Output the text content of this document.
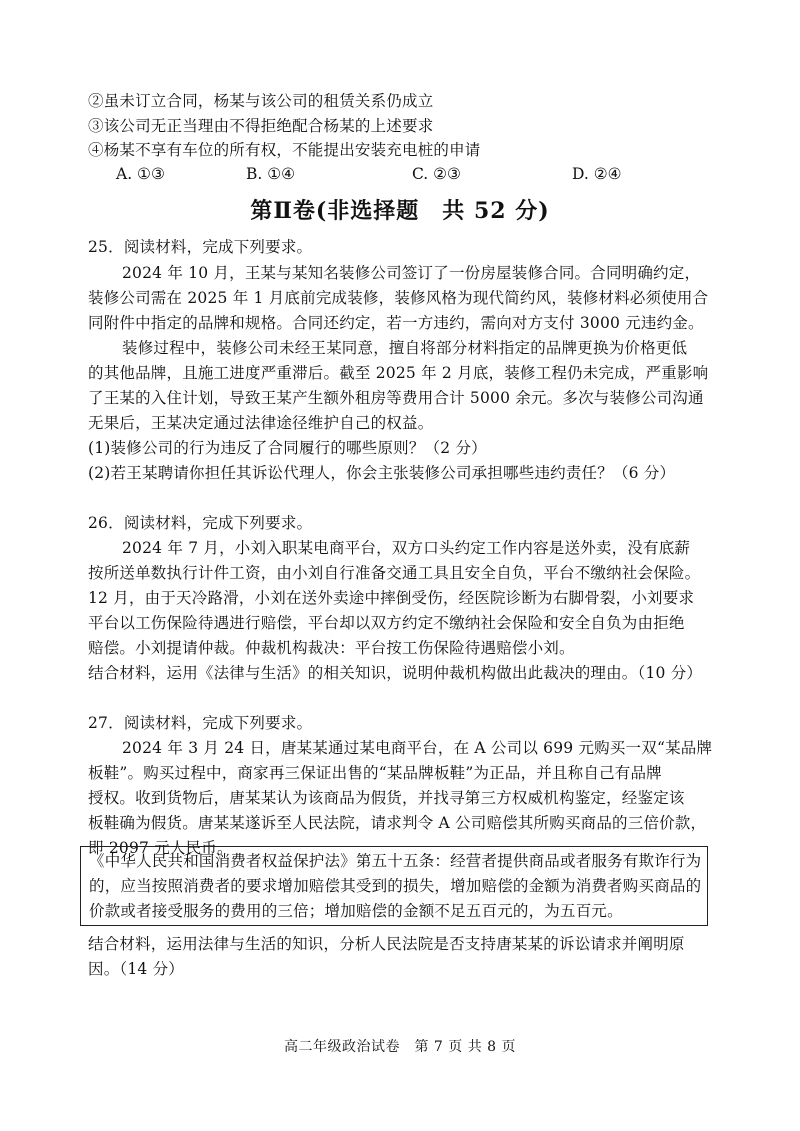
②虽未订立合同，杨某与该公司的租赁关系仍成立
③该公司无正当理由不得拒绝配合杨某的上述要求
④杨某不享有车位的所有权，不能提出安装充电桩的申请
A. ①③	B. ①④	C. ②③	D. ②④
第Ⅱ卷(非选择题　共 52 分)
25．阅读材料，完成下列要求。
2024 年 10 月，王某与某知名装修公司签订了一份房屋装修合同。合同明确约定，
装修公司需在 2025 年 1 月底前完成装修，装修风格为现代简约风，装修材料必须使用合
同附件中指定的品牌和规格。合同还约定，若一方违约，需向对方支付 3000 元违约金。
装修过程中，装修公司未经王某同意，擅自将部分材料指定的品牌更换为价格更低
的其他品牌，且施工进度严重滞后。截至 2025 年 2 月底，装修工程仍未完成，严重影响
了王某的入住计划，导致王某产生额外租房等费用合计 5000 余元。多次与装修公司沟通
无果后，王某决定通过法律途径维护自己的权益。
(1)装修公司的行为违反了合同履行的哪些原则？（2 分）
(2)若王某聘请你担任其诉讼代理人，你会主张装修公司承担哪些违约责任？（6 分）
26．阅读材料，完成下列要求。
2024 年 7 月，小刘入职某电商平台，双方口头约定工作内容是送外卖，没有底薪
按所送单数执行计件工资，由小刘自行准备交通工具且安全自负，平台不缴纳社会保险。
12 月，由于天冷路滑，小刘在送外卖途中摔倒受伤，经医院诊断为右脚骨裂，小刘要求
平台以工伤保险待遇进行赔偿，平台却以双方约定不缴纳社会保险和安全自负为由拒绝
赔偿。小刘提请仲裁。仲裁机构裁决：平台按工伤保险待遇赔偿小刘。
结合材料，运用《法律与生活》的相关知识，说明仲裁机构做出此裁决的理由。（10 分）
27．阅读材料，完成下列要求。
2024 年 3 月 24 日，唐某某通过某电商平台，在 A 公司以 699 元购买一双“某品牌
板鞋”。购买过程中，商家再三保证出售的“某品牌板鞋”为正品，并且称自己有品牌
授权。收到货物后，唐某某认为该商品为假货，并找寻第三方权威机构鉴定，经鉴定该
板鞋确为假货。唐某某遂诉至人民法院，请求判令 A 公司赔偿其所购买商品的三倍价款，
即 2097 元人民币。
《中华人民共和国消费者权益保护法》第五十五条：经营者提供商品或者服务有欺诈行为
的，应当按照消费者的要求增加赔偿其受到的损失，增加赔偿的金额为消费者购买商品的
价款或者接受服务的费用的三倍；增加赔偿的金额不足五百元的，为五百元。
结合材料，运用法律与生活的知识，分析人民法院是否支持唐某某的诉讼请求并阐明原
因。（14 分）
高二年级政治试卷　第 7 页 共 8 页
